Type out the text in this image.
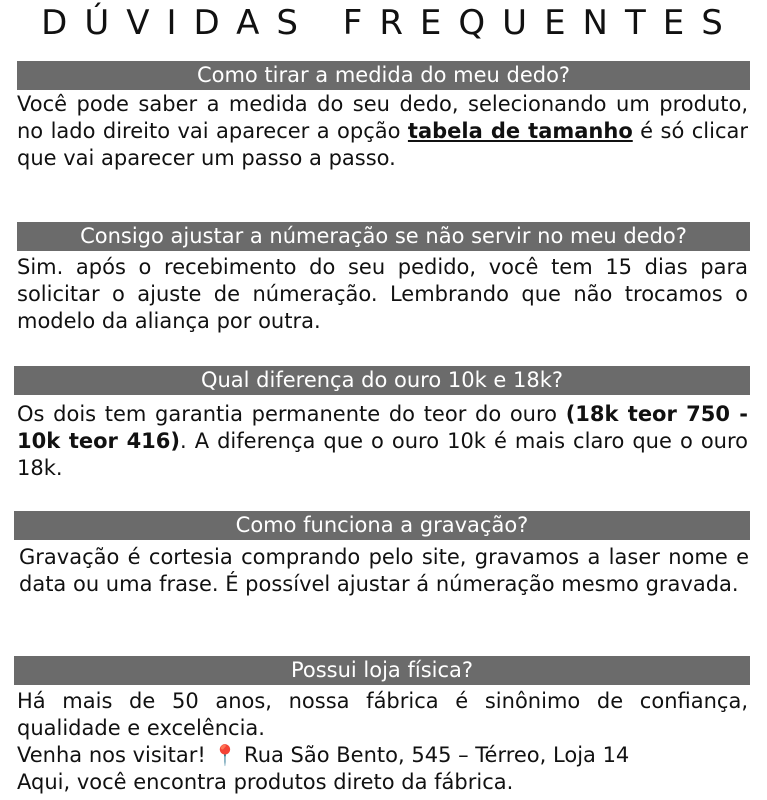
DÚVIDAS FREQUENTES
Como tirar a medida do meu dedo?
Você pode saber a medida do seu dedo, selecionando um produto, no lado direito vai aparecer a opção tabela de tamanho é só clicar que vai aparecer um passo a passo.
Consigo ajustar a númeração se não servir no meu dedo?
Sim. após o recebimento do seu pedido, você tem 15 dias para solicitar o ajuste de númeração. Lembrando que não trocamos o modelo da aliança por outra.
Qual diferença do ouro 10k e 18k?
Os dois tem garantia permanente do teor do ouro (18k teor 750 - 10k teor 416). A diferença que o ouro 10k é mais claro que o ouro 18k.
Como funciona a gravação?
Gravação é cortesia comprando pelo site, gravamos a laser nome e data ou uma frase. É possível ajustar á númeração mesmo gravada.
Possui loja física?
Há mais de 50 anos, nossa fábrica é sinônimo de confiança, qualidade e excelência.
Venha nos visitar! 📍 Rua São Bento, 545 – Térreo, Loja 14
Aqui, você encontra produtos direto da fábrica.
